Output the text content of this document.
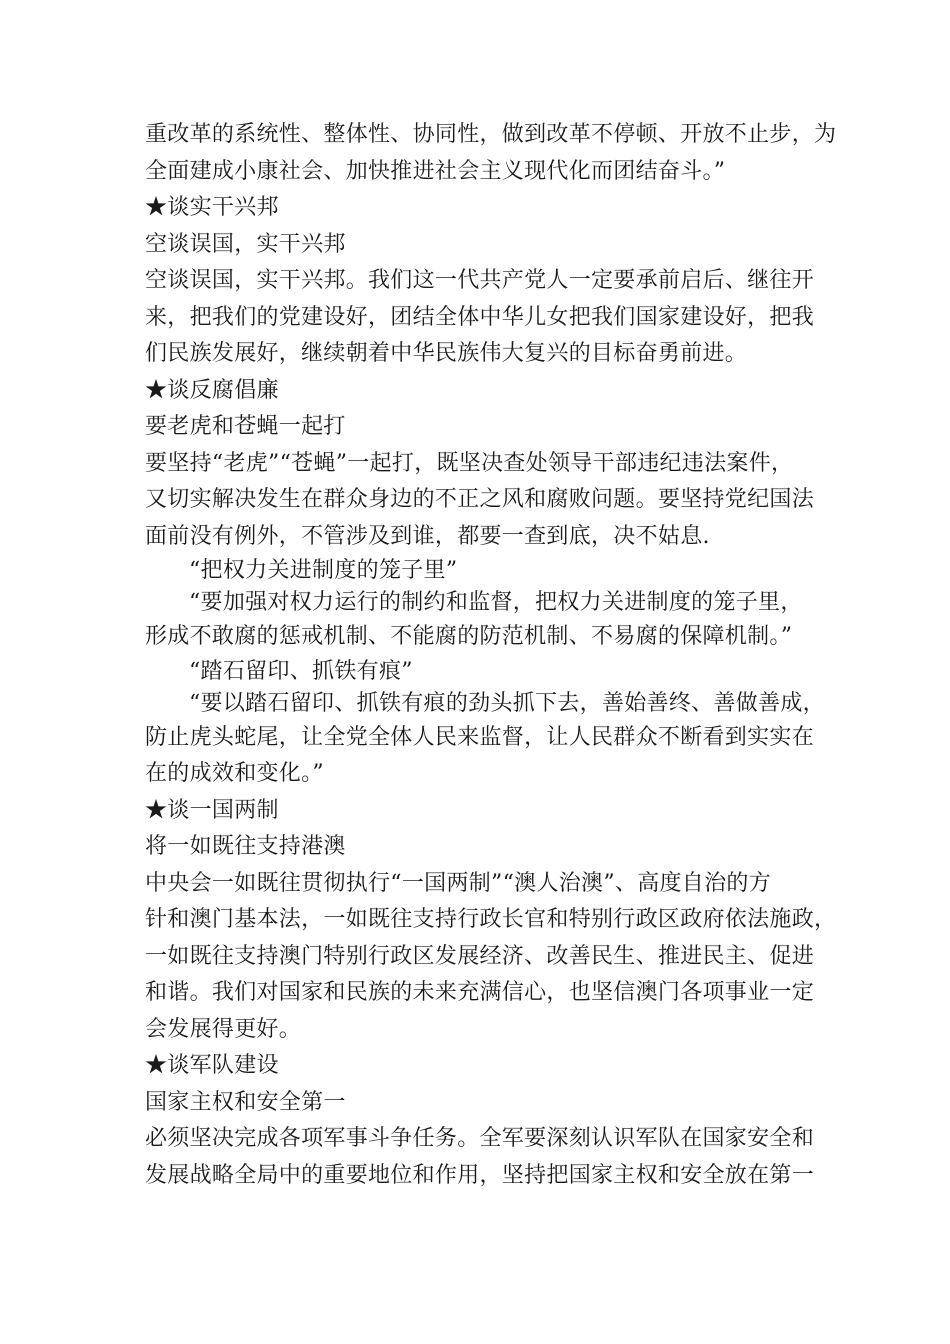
重改革的系统性、整体性、协同性，做到改革不停顿、开放不止步，为
全面建成小康社会、加快推进社会主义现代化而团结奋斗。”
★谈实干兴邦
空谈误国，实干兴邦
空谈误国，实干兴邦。我们这一代共产党人一定要承前启后、继往开
来，把我们的党建设好，团结全体中华儿女把我们国家建设好，把我
们民族发展好，继续朝着中华民族伟大复兴的目标奋勇前进。
★谈反腐倡廉
要老虎和苍蝇一起打
要坚持“老虎”“苍蝇”一起打，既坚决查处领导干部违纪违法案件，
又切实解决发生在群众身边的不正之风和腐败问题。要坚持党纪国法
面前没有例外，不管涉及到谁，都要一查到底，决不姑息.
“把权力关进制度的笼子里”
“要加强对权力运行的制约和监督，把权力关进制度的笼子里，
形成不敢腐的惩戒机制、不能腐的防范机制、不易腐的保障机制。”
“踏石留印、抓铁有痕”
“要以踏石留印、抓铁有痕的劲头抓下去，善始善终、善做善成，
防止虎头蛇尾，让全党全体人民来监督，让人民群众不断看到实实在
在的成效和变化。”
★谈一国两制
将一如既往支持港澳
中央会一如既往贯彻执行“一国两制”“澳人治澳”、高度自治的方
针和澳门基本法，一如既往支持行政长官和特别行政区政府依法施政，
一如既往支持澳门特别行政区发展经济、改善民生、推进民主、促进
和谐。我们对国家和民族的未来充满信心，也坚信澳门各项事业一定
会发展得更好。
★谈军队建设
国家主权和安全第一
必须坚决完成各项军事斗争任务。全军要深刻认识军队在国家安全和
发展战略全局中的重要地位和作用，坚持把国家主权和安全放在第一
